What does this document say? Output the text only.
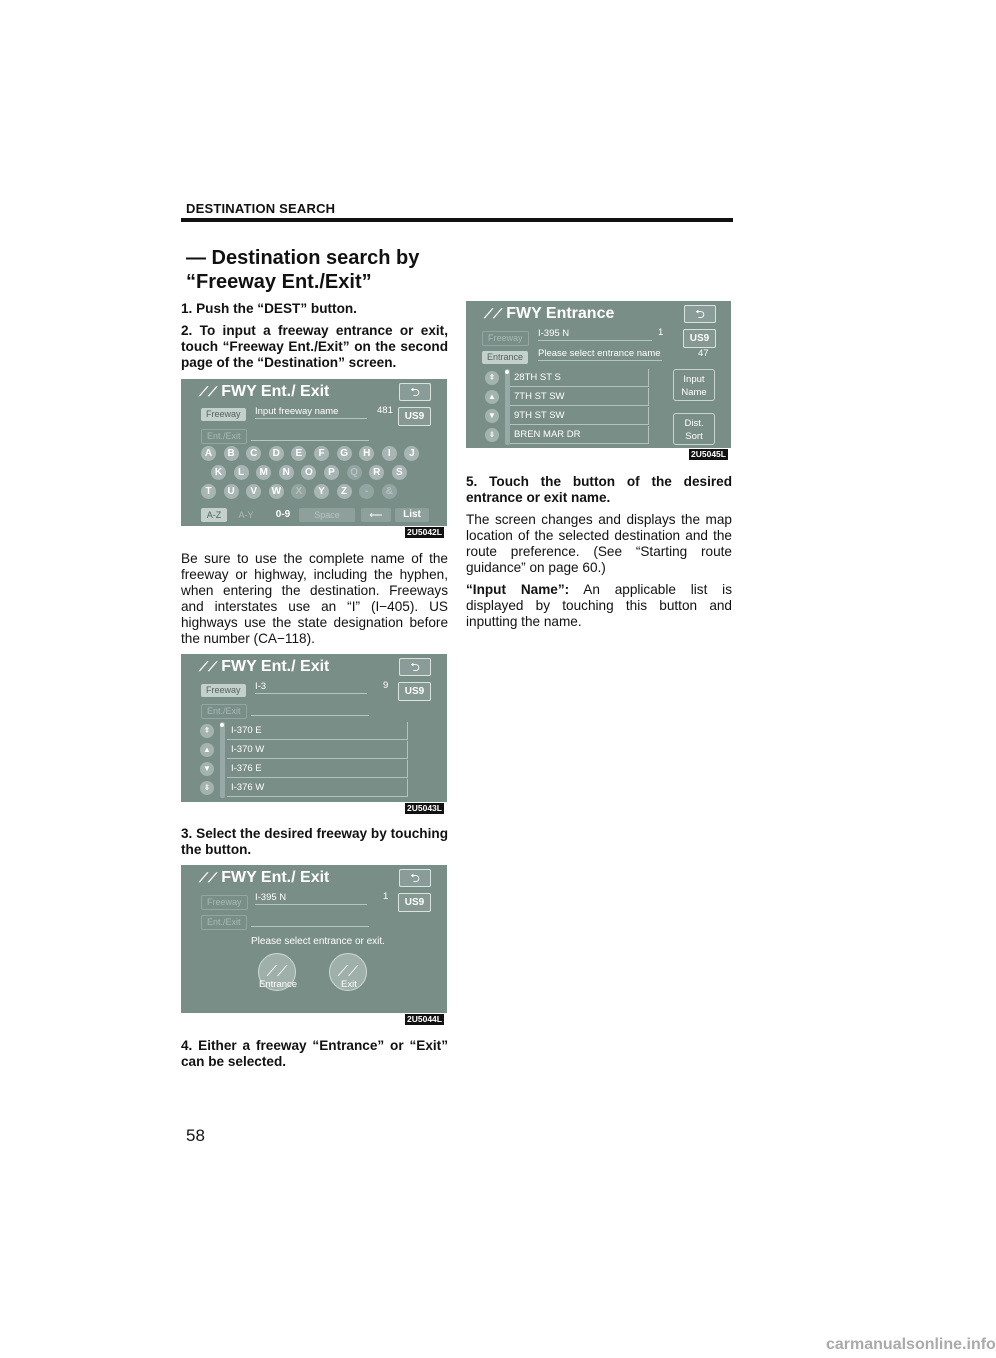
DESTINATION SEARCH
— Destination search by
“Freeway Ent./Exit”

1. Push the “DEST” button.

2. To input a freeway entrance or exit, touch “Freeway Ent./Exit” on the second page of the “Destination” screen.

⟋⟋ FWY Ent./ Exit	⮌
Freeway	Input freeway name	481
US9
Ent./Exit
A	B	C	D	E	F	G	H	I	J
K	L	M	N	O	P	Q	R	S
T	U	V	W	X	Y	Z	-	&
A-Z	A-Y	0-9	Space	⟵	List
2U5042L
Be sure to use the complete name of the freeway or highway, including the hyphen, when entering the destination. Freeways and interstates use an “I” (I−405). US highways use the state designation before the number (CA−118).
⟋⟋ FWY Ent./ Exit	⮌
Freeway	I-3	9
US9
Ent./Exit
⇞
▲
▼
⇟
I-370 E
I-370 W
I-376 E
I-376 W
2U5043L
3. Select the desired freeway by touching the button.
⟋⟋ FWY Ent./ Exit	⮌
Freeway	I-395 N	1
US9
Ent./Exit
Please select entrance or exit.
⟋⟋
Entrance
⟋⟋
Exit
2U5044L
4. Either a freeway “Entrance” or “Exit” can be selected.
⟋⟋ FWY Entrance	⮌
Freeway	I-395 N	1
US9
Entrance	Please select entrance name	47
⇞
▲
▼
⇟
28TH ST S
7TH ST SW
9TH ST SW
BREN MAR DR
Input Name
Dist. Sort
2U5045L

5. Touch the button of the desired entrance or exit name.

The screen changes and displays the map location of the selected destination and the route preference. (See “Starting route guidance” on page 60.)

“Input Name”: An applicable list is displayed by touching this button and inputting the name.

58
carmanualsonline.info
